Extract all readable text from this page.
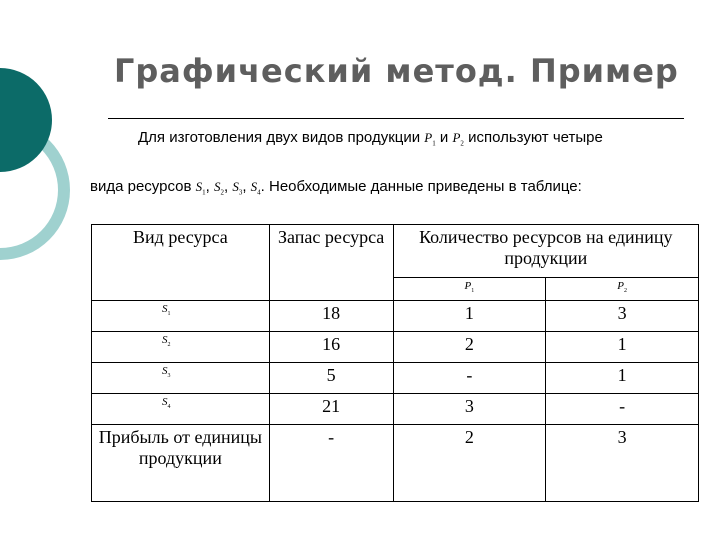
Графический метод. Пример
Для изготовления двух видов продукции $P_1$ и $P_2$ используют четыре
вида ресурсов $S_1$, $S_2$, $S_3$, $S_4$. Необходимые данные приведены в таблице:
Вид ресурса	Запас ресурса	Количество ресурсов на единицу продукции	
		$P_1$	$P_2$
$S_1$	18	1	3
$S_2$	16	2	1
$S_3$	5	-	1
$S_4$	21	3	-
Прибыль от единицы продукции	-	2	3
